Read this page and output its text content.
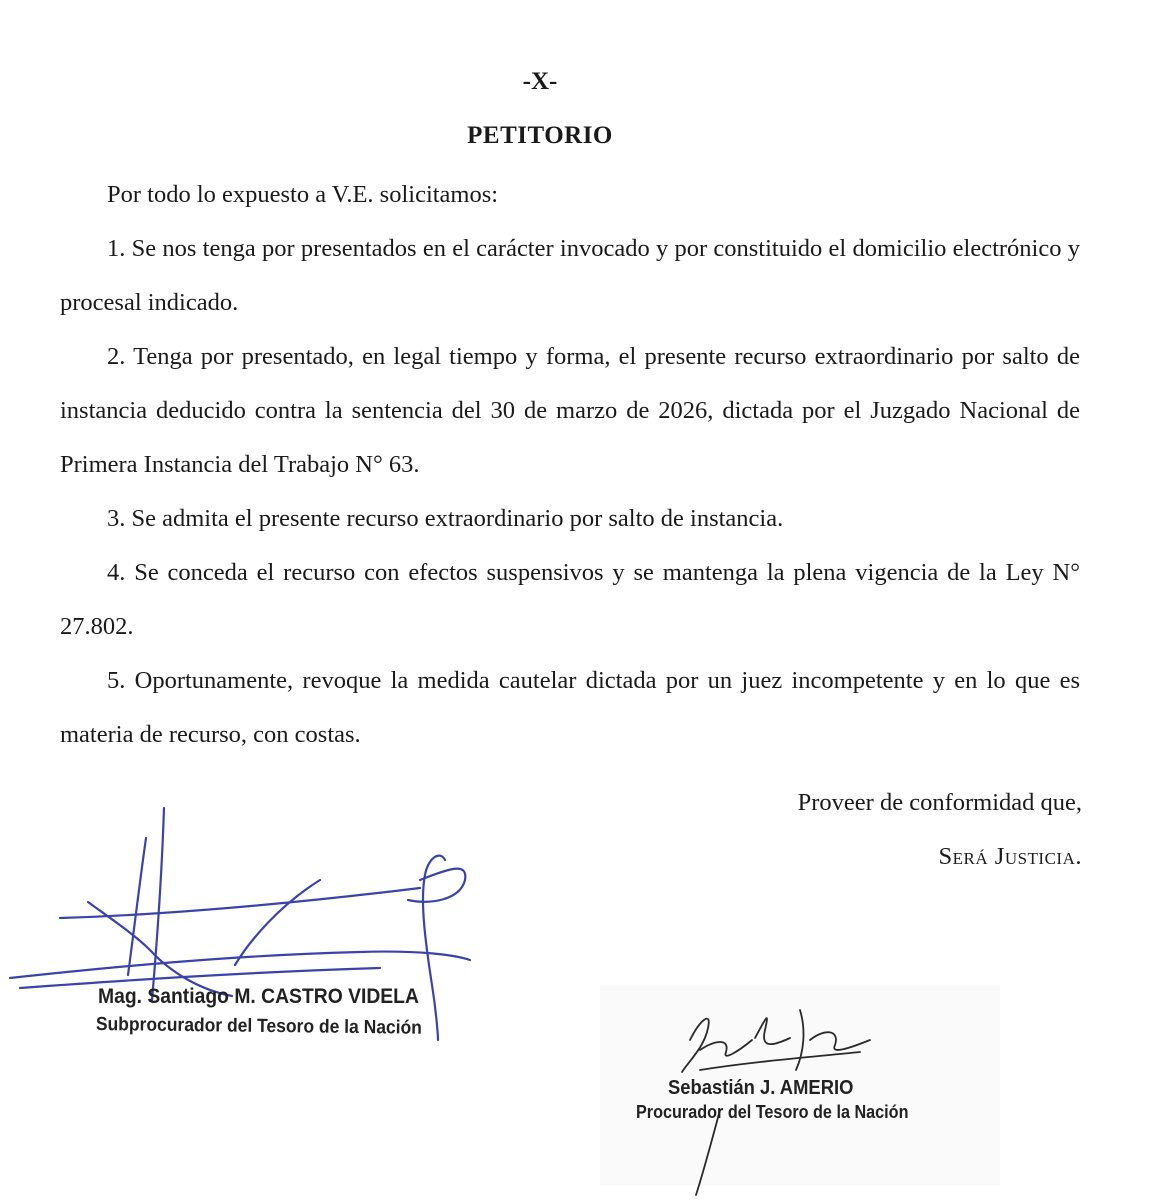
-X-
PETITORIO

Por todo lo expuesto a V.E. solicitamos:

1. Se nos tenga por presentados en el carácter invocado y por constituido el domicilio electrónico y procesal indicado.

2. Tenga por presentado, en legal tiempo y forma, el presente recurso extraordinario por salto de instancia deducido contra la sentencia del 30 de marzo de 2026, dictada por el Juzgado Nacional de Primera Instancia del Trabajo N° 63.

3. Se admita el presente recurso extraordinario por salto de instancia.

4. Se conceda el recurso con efectos suspensivos y se mantenga la plena vigencia de la Ley N° 27.802.

5. Oportunamente, revoque la medida cautelar dictada por un juez incompetente y en lo que es materia de recurso, con costas.

Proveer de conformidad que,
Será Justicia.
Mag. Santiago M. CASTRO VIDELA
Subprocurador del Tesoro de la Nación
Sebastián J. AMERIO
Procurador del Tesoro de la Nación
